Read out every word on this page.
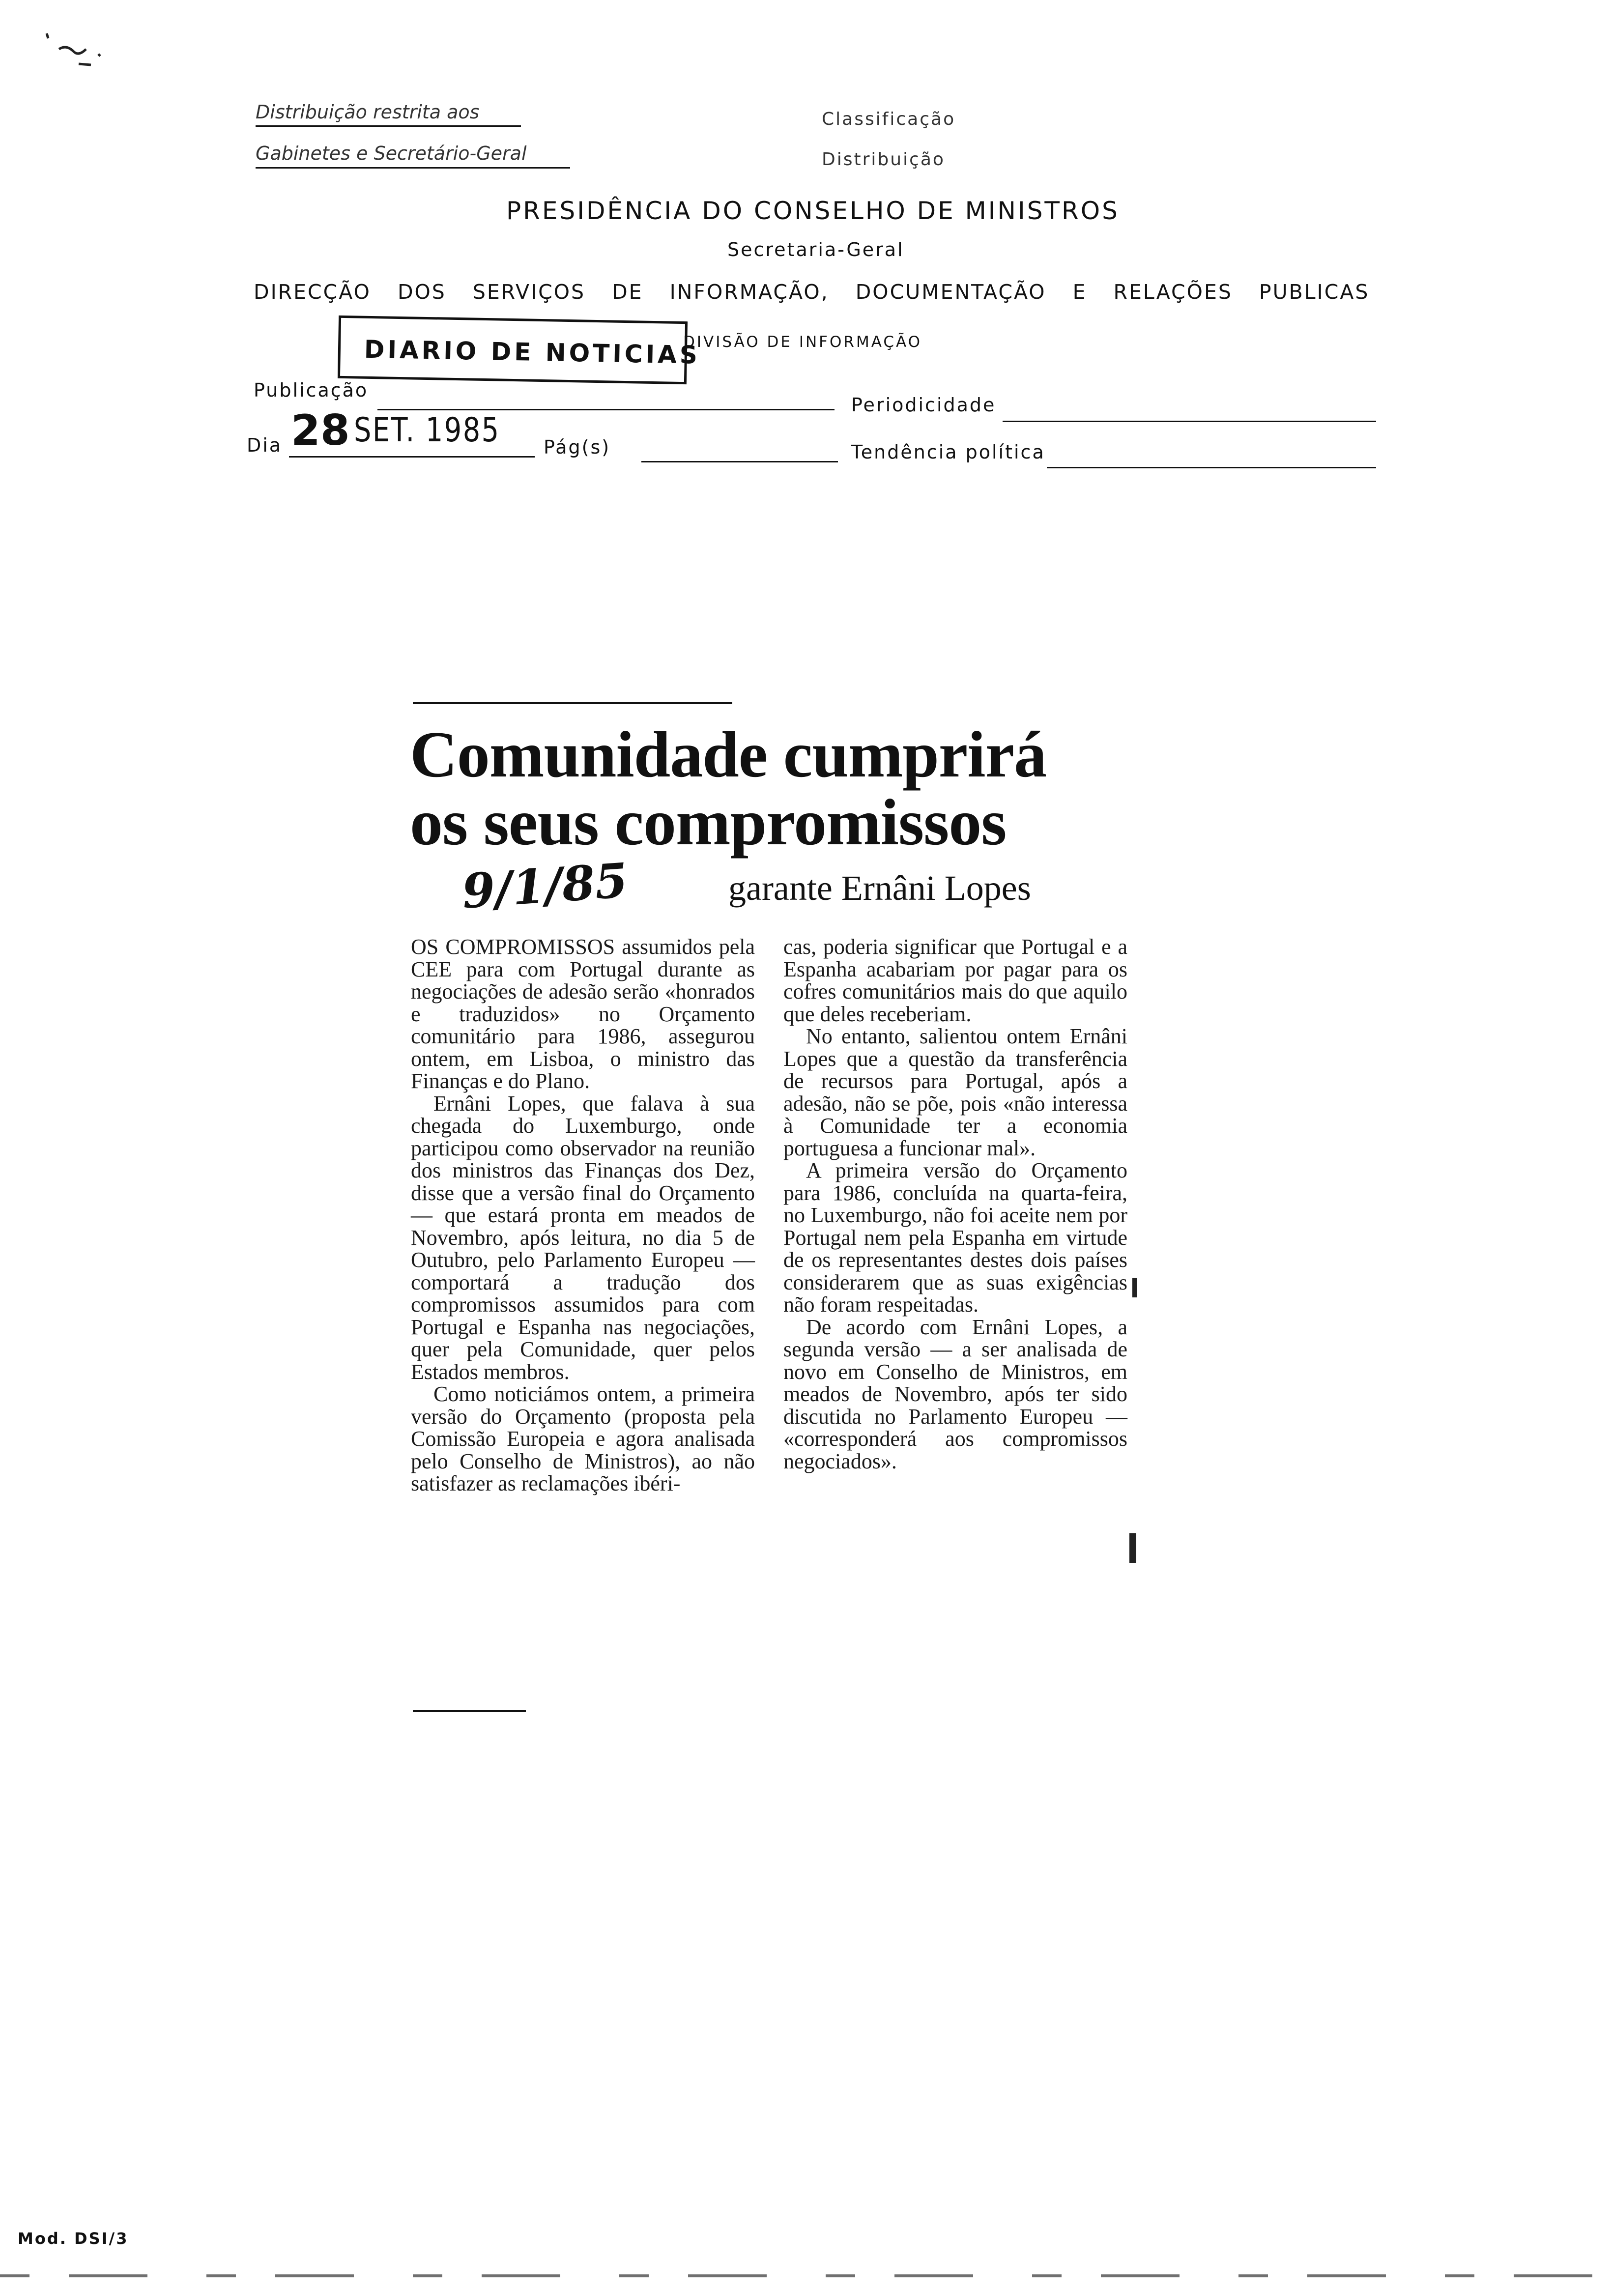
Distribuição restrita aos
Gabinetes e Secretário-Geral
Classificação
Distribuição
PRESIDÊNCIA DO CONSELHO DE MINISTROS
Secretaria-Geral
DIRECÇÃO DOS SERVIÇOS DE INFORMAÇÃO, DOCUMENTAÇÃO E RELAÇÕES PUBLICAS
DIARIO DE NOTICIAS
DIVISÃO DE INFORMAÇÃO
Publicação
Periodicidade
Dia 28 SET. 1985 Pág(s)	Tendência política
Comunidade cumprirá
os seus compromissos
9/1/85	garante Ernâni Lopes

OS COMPROMISSOS assumidos pela CEE para com Portugal durante as negociações de adesão serão «honrados e traduzidos» no Orçamento comunitário para 1986, assegurou ontem, em Lisboa, o ministro das Finanças e do Plano.

Ernâni Lopes, que falava à sua chegada do Luxemburgo, onde participou como observador na reunião dos ministros das Finanças dos Dez, disse que a versão final do Orçamento — que estará pronta em meados de Novembro, após leitura, no dia 5 de Outubro, pelo Parlamento Europeu — comportará a tradução dos compromissos assumidos para com Portugal e Espanha nas negociações, quer pela Comunidade, quer pelos Estados membros.

Como noticiámos ontem, a primeira versão do Orçamento (proposta pela Comissão Europeia e agora analisada pelo Conselho de Ministros), ao não satisfazer as reclamações ibéri-

cas, poderia significar que Portugal e a Espanha acabariam por pagar para os cofres comunitários mais do que aquilo que deles receberiam.

No entanto, salientou ontem Ernâni Lopes que a questão da transferência de recursos para Portugal, após a adesão, não se põe, pois «não interessa à Comunidade ter a economia portuguesa a funcionar mal».

A primeira versão do Orçamento para 1986, concluída na quarta-feira, no Luxemburgo, não foi aceite nem por Portugal nem pela Espanha em virtude de os representantes destes dois países considerarem que as suas exigências não foram respeitadas.

De acordo com Ernâni Lopes, a segunda versão — a ser analisada de novo em Conselho de Ministros, em meados de Novembro, após ter sido discutida no Parlamento Europeu — «corresponderá aos compromissos negociados».

Mod. DSI/3
